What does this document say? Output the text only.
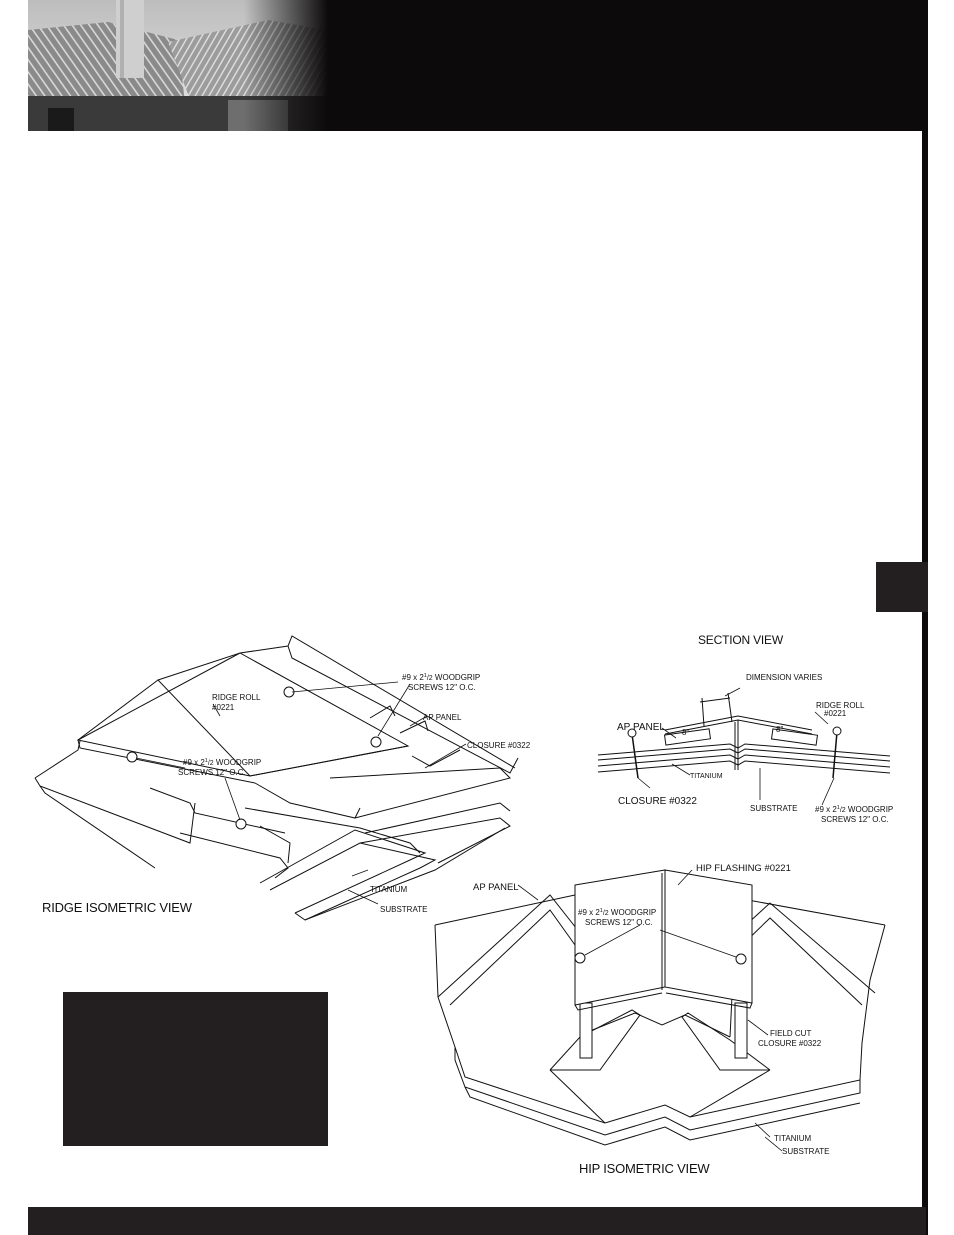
#9 x $2^1/2$ WOODGRIP
SCREWS 12" O.C.
RIDGE ROLL
#0221
AP PANEL
CLOSURE #0322
#9 x $2^1/2$ WOODGRIP
SCREWS 12" O.C.
TITANIUM
SUBSTRATE
RIDGE ISOMETRIC VIEW
SECTION VIEW
DIMENSION VARIES
RIDGE ROLL
#0221
AP PANEL 8"	8"
TITANIUM
CLOSURE #0322
SUBSTRATE #9 x $2^1/2$ WOODGRIP
SCREWS 12" O.C.
AP PANEL
HIP FLASHING #0221
#9 x $2^1/2$ WOODGRIP
SCREWS 12" O.C.
FIELD CUT
CLOSURE #0322
TITANIUM
SUBSTRATE
HIP ISOMETRIC VIEW
